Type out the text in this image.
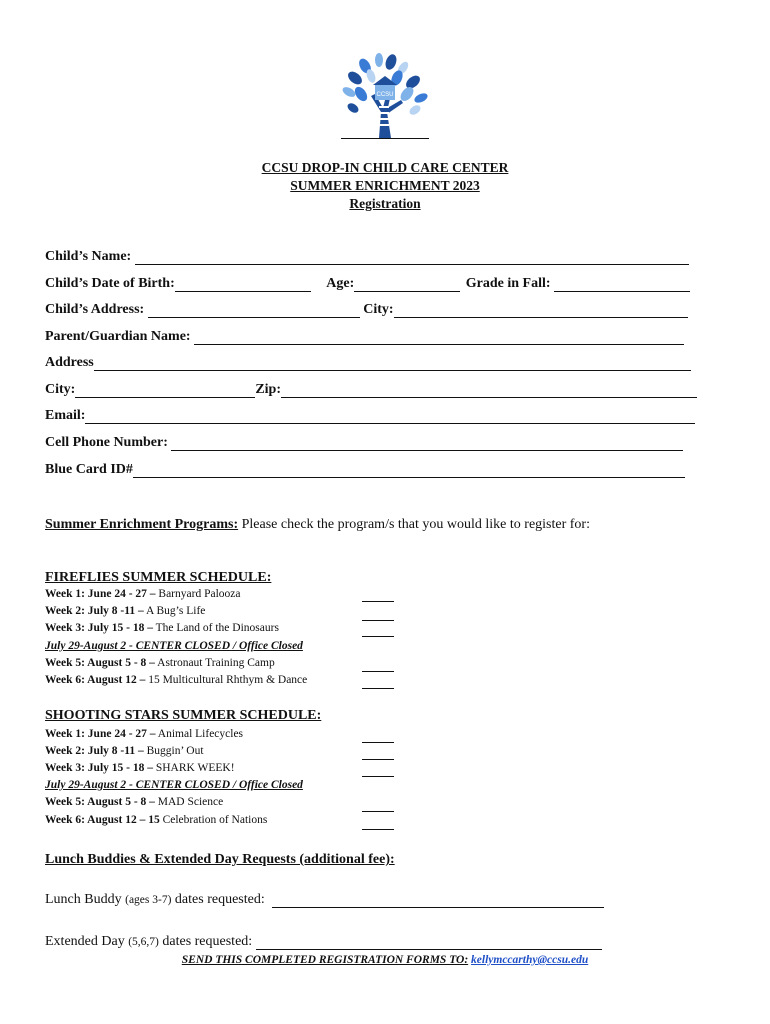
CCSU
CCSU DROP-IN CHILD CARE CENTER
SUMMER ENRICHMENT 2023
Registration
Child’s Name:
Child’s Date of Birth:	Age:	Grade in Fall:
Child’s Address:	City:
Parent/Guardian Name:
Address
City:	Zip:
Email:
Cell Phone Number:
Blue Card ID#
Summer Enrichment Programs: Please check the program/s that you would like to register for:
FIREFLIES SUMMER SCHEDULE:
Week 1: June 24 - 27 – Barnyard Palooza
Week 2: July 8 -11 – A Bug’s Life
Week 3: July 15 - 18 – The Land of the Dinosaurs
July 29-August 2 - CENTER CLOSED / Office Closed
Week 5: August 5 - 8 – Astronaut Training Camp
Week 6: August 12 – 15 Multicultural Rhthym & Dance
SHOOTING STARS SUMMER SCHEDULE:
Week 1: June 24 - 27 – Animal Lifecycles
Week 2: July 8 -11 – Buggin’ Out
Week 3: July 15 - 18 – SHARK WEEK!
July 29-August 2 - CENTER CLOSED / Office Closed
Week 5: August 5 - 8 – MAD Science
Week 6: August 12 – 15 Celebration of Nations
Lunch Buddies & Extended Day Requests (additional fee):
Lunch Buddy (ages 3-7) dates requested:
Extended Day (5,6,7) dates requested:
SEND THIS COMPLETED REGISTRATION FORMS TO: kellymccarthy@ccsu.edu
